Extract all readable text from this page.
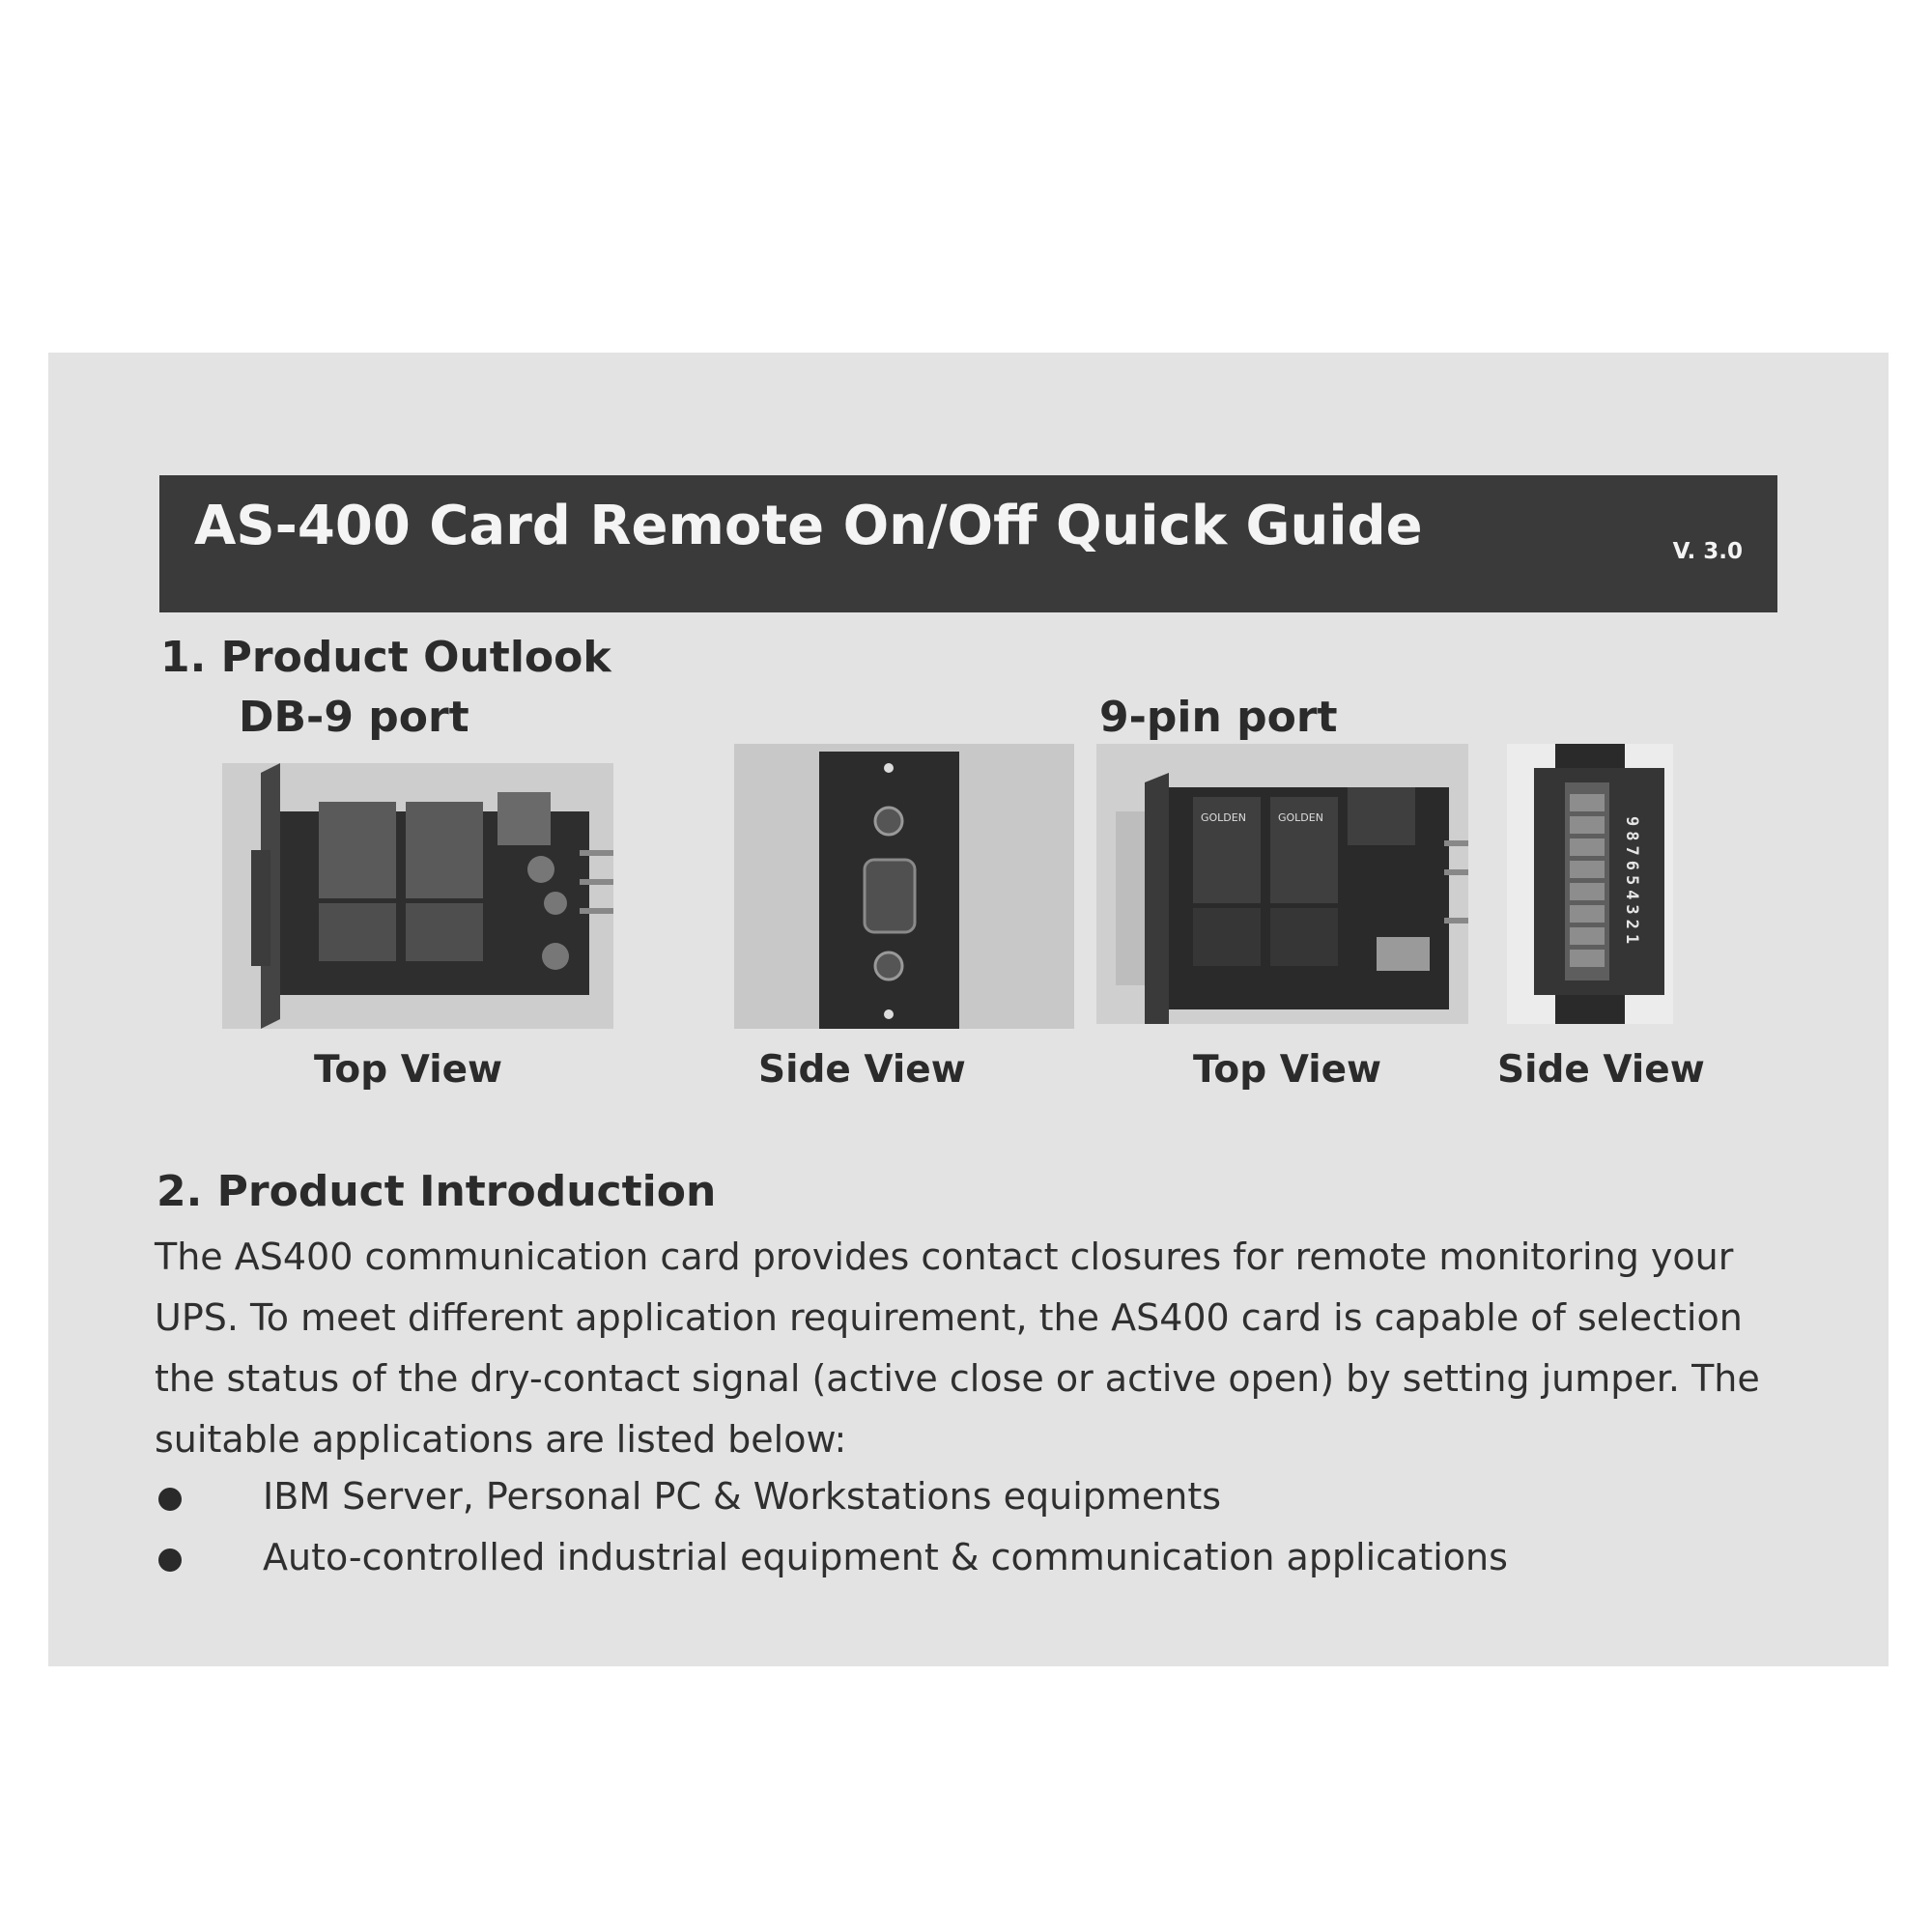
AS-400 Card Remote On/Off Quick Guide	V. 3.0
1. Product Outlook
DB-9 port	9-pin port
GOLDEN	GOLDEN	987654321
Top View	Side View	Top View	Side View
2. Product Introduction
The AS400 communication card provides contact closures for remote monitoring your UPS. To meet different application requirement, the AS400 card is capable of selection the status of the dry-contact signal (active close or active open) by setting jumper. The suitable applications are listed below:
IBM Server, Personal PC & Workstations equipments
Auto-controlled industrial equipment & communication applications
